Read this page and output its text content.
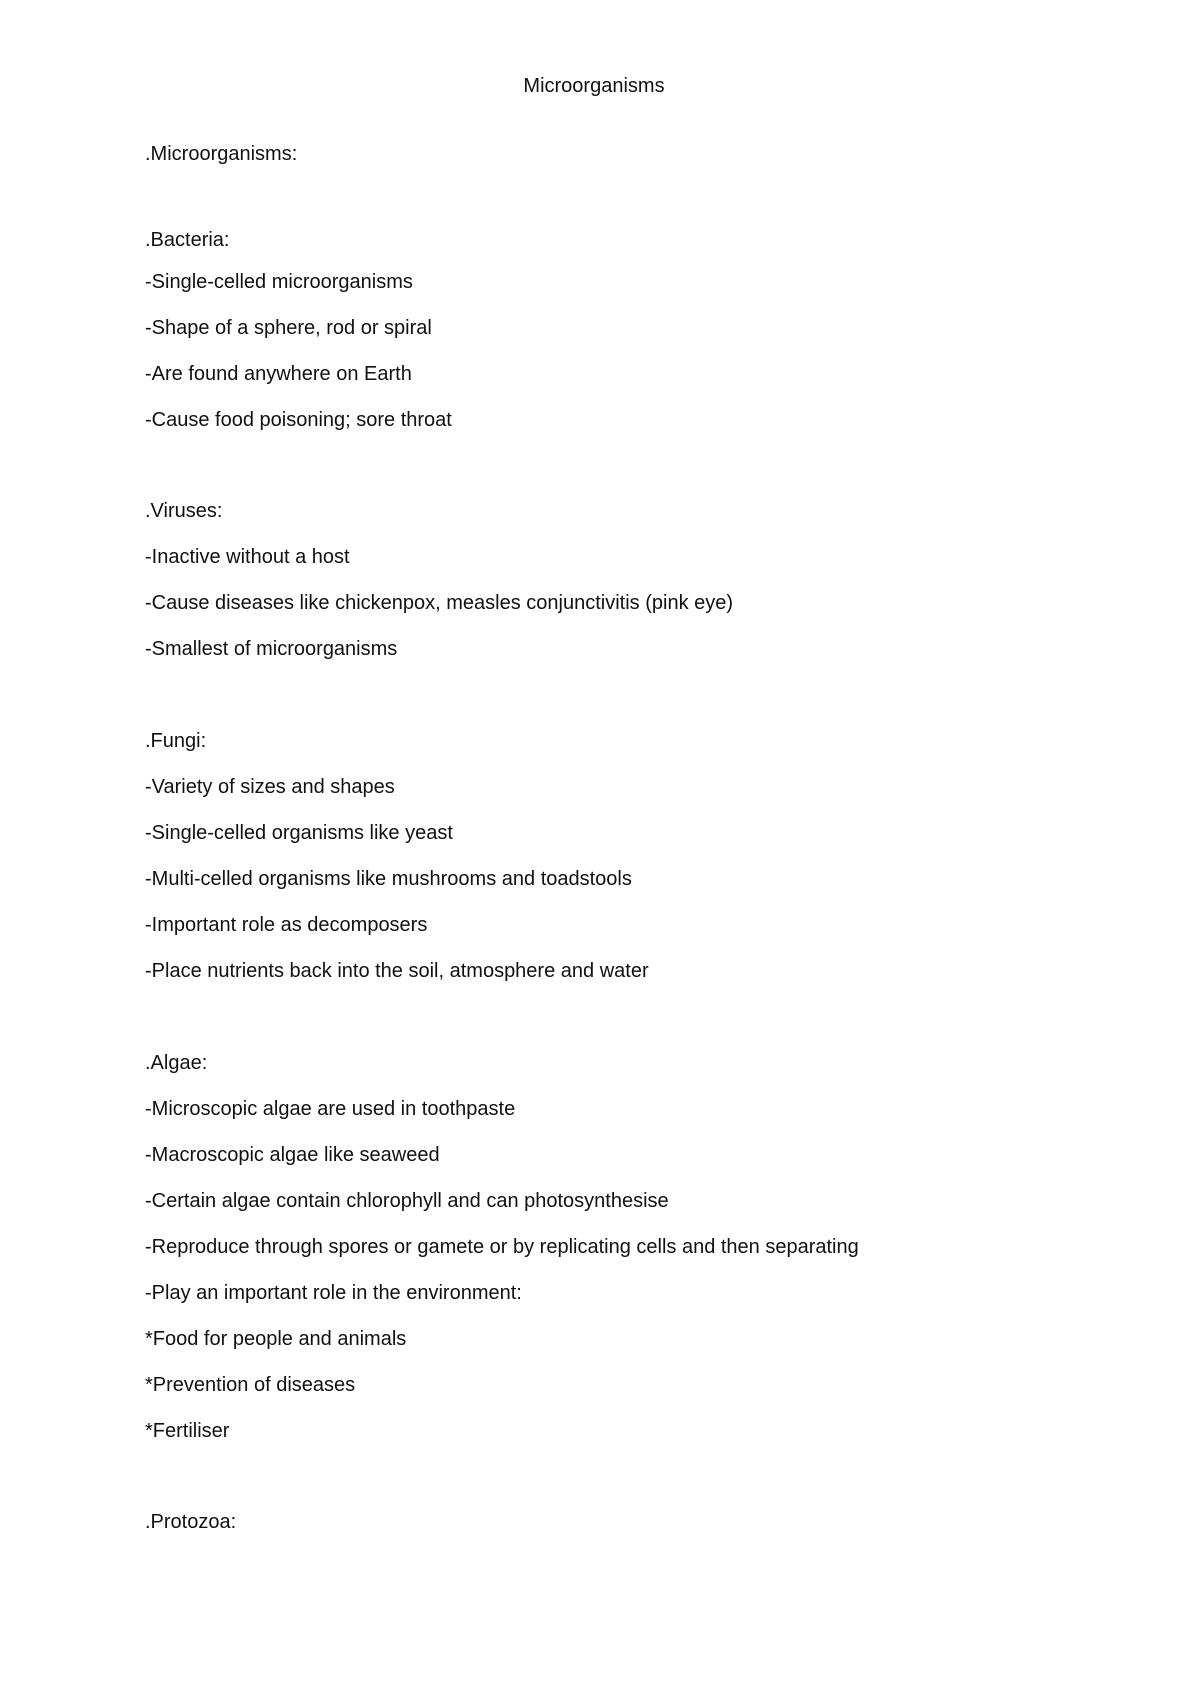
Microorganisms
.Microorganisms:
.Bacteria:
-Single-celled microorganisms
-Shape of a sphere, rod or spiral
-Are found anywhere on Earth
-Cause food poisoning; sore throat
.Viruses:
-Inactive without a host
-Cause diseases like chickenpox, measles conjunctivitis (pink eye)
-Smallest of microorganisms
.Fungi:
-Variety of sizes and shapes
-Single-celled organisms like yeast
-Multi-celled organisms like mushrooms and toadstools
-Important role as decomposers
-Place nutrients back into the soil, atmosphere and water
.Algae:
-Microscopic algae are used in toothpaste
-Macroscopic algae like seaweed
-Certain algae contain chlorophyll and can photosynthesise
-Reproduce through spores or gamete or by replicating cells and then separating
-Play an important role in the environment:
*Food for people and animals
*Prevention of diseases
*Fertiliser
.Protozoa:
